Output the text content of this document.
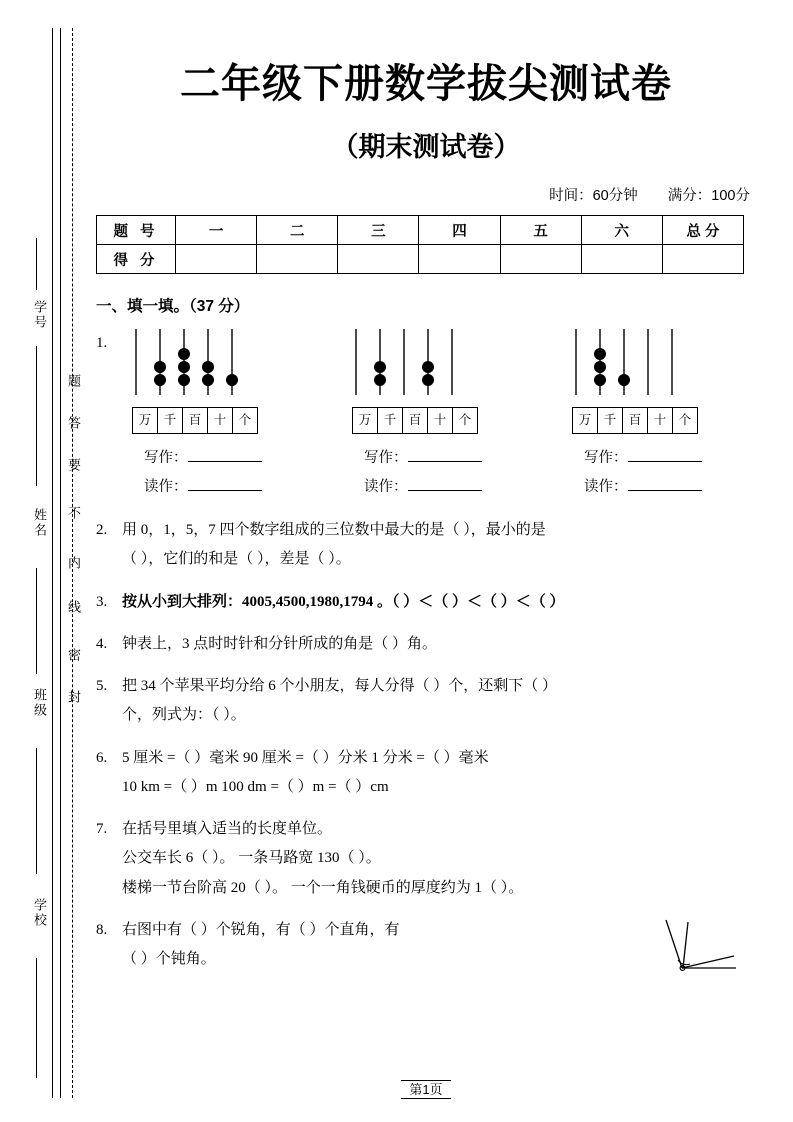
学号
姓名
班级
学校
题
答
要
不
内
线
密
封
二年级下册数学拔尖测试卷
（期末测试卷）
时间：60分钟 满分：100分
题 号	一	二	三	四	五	六	总 分
得 分							
一、填一填。（37 分）
1.
万 千 百 十 个	万 千 百 十 个	万 千 百 十 个
写作：
读作：
写作：
读作：
写作：
读作：
2. 用 0，1，5，7 四个数字组成的三位数中最大的是（ ），最小的是
（ ），它们的和是（ ），差是（ ）。
3. 按从小到大排列：4005,4500,1980,1794 。（ ）＜（ ）＜（ ）＜（ ）
4. 钟表上，3 点时时针和分针所成的角是（ ）角。
5. 把 34 个苹果平均分给 6 个小朋友，每人分得（ ）个，还剩下（ ）
个，列式为：（ ）。
6. 5 厘米 =（ ）毫米 90 厘米 =（ ）分米 1 分米 =（ ）毫米
10 km =（ ）m 100 dm =（ ）m =（ ）cm
7. 在括号里填入适当的长度单位。
公交车长 6（ ）。 一条马路宽 130（ ）。
楼梯一节台阶高 20（ ）。 一个一角钱硬币的厚度约为 1（ ）。
8. 右图中有（ ）个锐角，有（ ）个直角，有
（ ）个钝角。
第1页
